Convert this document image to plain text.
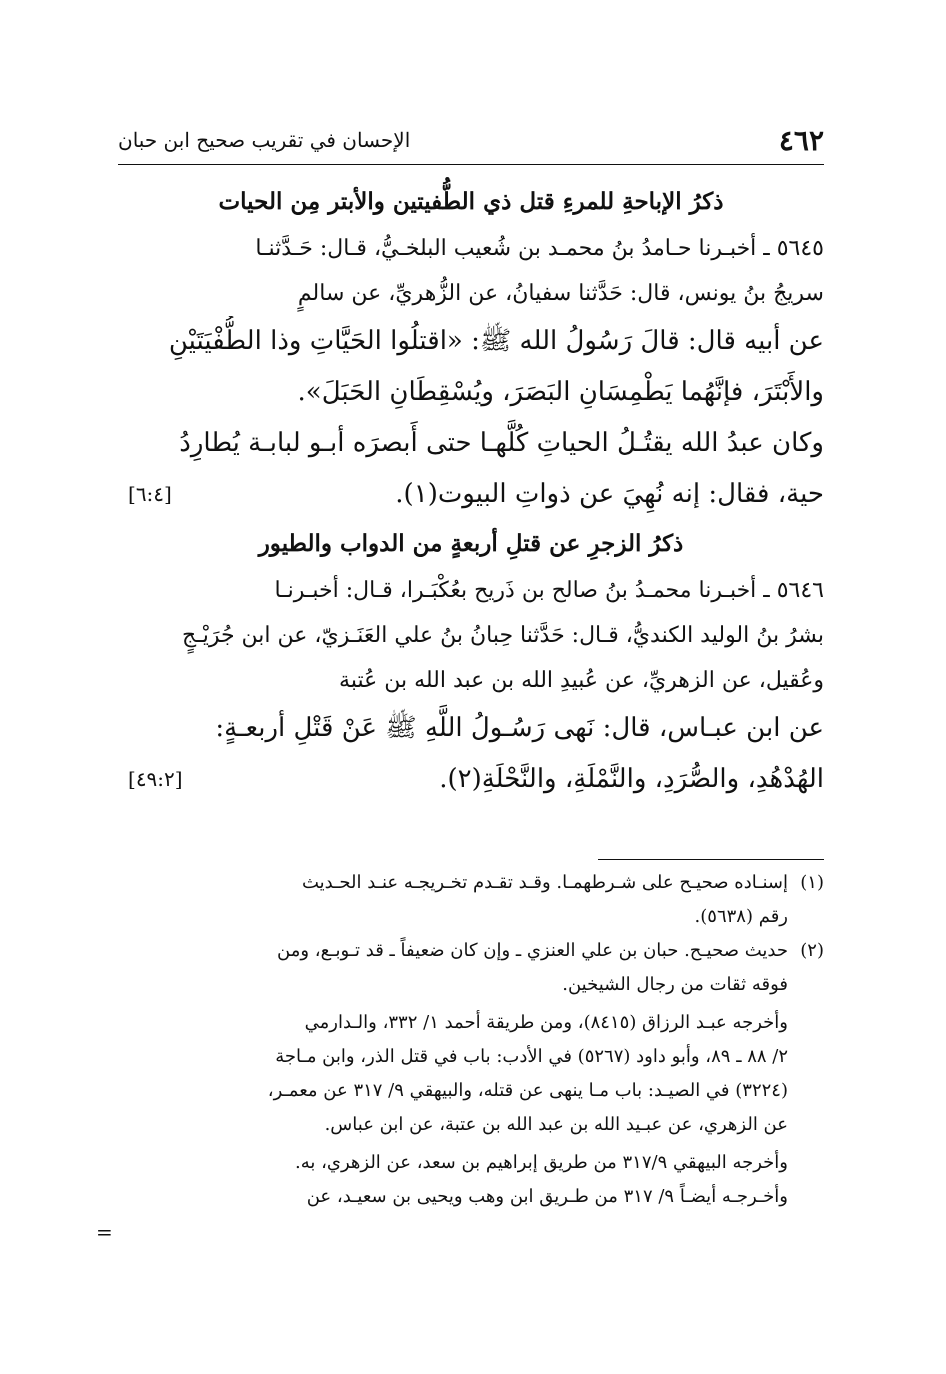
٤٦٢
الإحسان في تقريب صحيح ابن حبان
ذكرُ الإباحةِ للمرءِ قتل ذي الطُّفيتين والأبتر مِن الحيات
٥٦٤٥ ـ أخبـرنا حـامدُ بنُ محمـد بن شُعيب البلخـيُّ، قـال: حَـدَّثنـا
سريجُ بنُ يونس، قال: حَدَّثنا سفيانُ، عن الزُّهريِّ، عن سالمٍ
عن أبيه قال: قالَ رَسُولُ الله ﷺ: «اقتلُوا الحَيَّاتِ وذا الطُّفْيَتَيْنِ
والأَبْتَرَ، فإنَّهُما يَطْمِسَانِ البَصَرَ، ويُسْقِطَانِ الحَبَلَ».
وكان عبدُ الله يقتُـلُ الحياتِ كُلَّهـا حتى أَبصرَه أبـو لبابـة يُطارِدُ
حية، فقال: إنه نُهِيَ عن ذواتِ البيوت(١).
[٦:٤]
ذكرُ الزجرِ عن قتلِ أربعةٍ من الدواب والطيور
٥٦٤٦ ـ أخبـرنا محمـدُ بنُ صالح بن ذَريح بعُكْبَـرا، قـال: أخبـرنـا
بشرُ بنُ الوليد الكنديُّ، قـال: حَدَّثنا حِبانُ بنُ علي العَنَـزيّ، عن ابن جُرَيْـجٍ
وعُقيل، عن الزهريِّ، عن عُبيدِ الله بن عبد الله بن عُتبة
عن ابن عبـاس، قال: نَهى رَسُـولُ اللَّهِ ﷺ عَنْ قَتْلِ أربعـةٍ:
الهُدْهُدِ، والصُّرَدِ، والنَّمْلَةِ، والنَّحْلَةِ(٢).
[٤٩:٢]
(١)
إسنـاده صحيـح على شـرطهمـا. وقـد تقـدم تخـريجـه عنـد الحـديث
رقم (٥٦٣٨).
(٢)
حديث صحيـح. حبان بن علي العنزي ـ وإن كان ضعيفاً ـ قد تـوبـع، ومن
فوقه ثقات من رجال الشيخين.
وأخرجه عبـد الرزاق (٨٤١٥)، ومن طريقة أحمد ١/ ٣٣٢، والـدارمي
٢/ ٨٨ ـ ٨٩، وأبو داود (٥٢٦٧) في الأدب: باب في قتل الذر، وابن مـاجة
(٣٢٢٤) في الصيـد: باب مـا ينهى عن قتله، والبيهقي ٩/ ٣١٧ عن معمـر،
عن الزهري، عن عبـيد الله بن عبد الله بن عتبة، عن ابن عباس.
وأخرجه البيهقي ٣١٧/٩ من طريق إبراهيم بن سعد، عن الزهري، به.
وأخـرجـه أيضـاً ٩/ ٣١٧ من طـريق ابن وهب ويحيى بن سعيـد، عن
=
